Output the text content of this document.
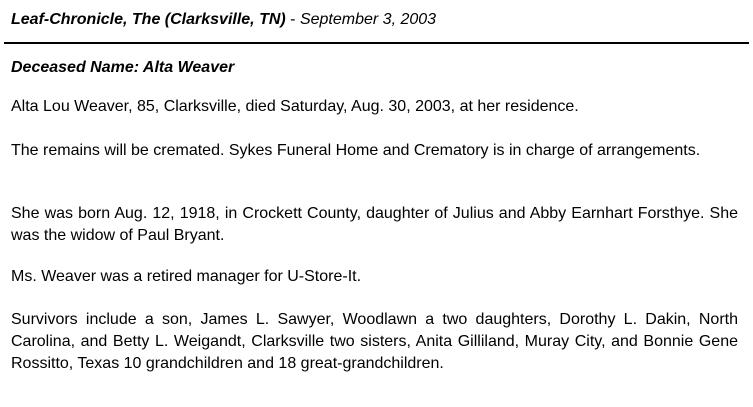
Leaf-Chronicle, The (Clarksville, TN) - September 3, 2003
Deceased Name: Alta Weaver

Alta Lou Weaver, 85, Clarksville, died Saturday, Aug. 30, 2003, at her residence.

The remains will be cremated. Sykes Funeral Home and Crematory is in charge of arrangements.

She was born Aug. 12, 1918, in Crockett County, daughter of Julius and Abby Earnhart Forsthye. She was the widow of Paul Bryant.

Ms. Weaver was a retired manager for U-Store-It.

Survivors include a son, James L. Sawyer, Woodlawn a two daughters, Dorothy L. Dakin, North Carolina, and Betty L. Weigandt, Clarksville two sisters, Anita Gilliland, Muray City, and Bonnie Gene Rossitto, Texas 10 grandchildren and 18 great-grandchildren.
